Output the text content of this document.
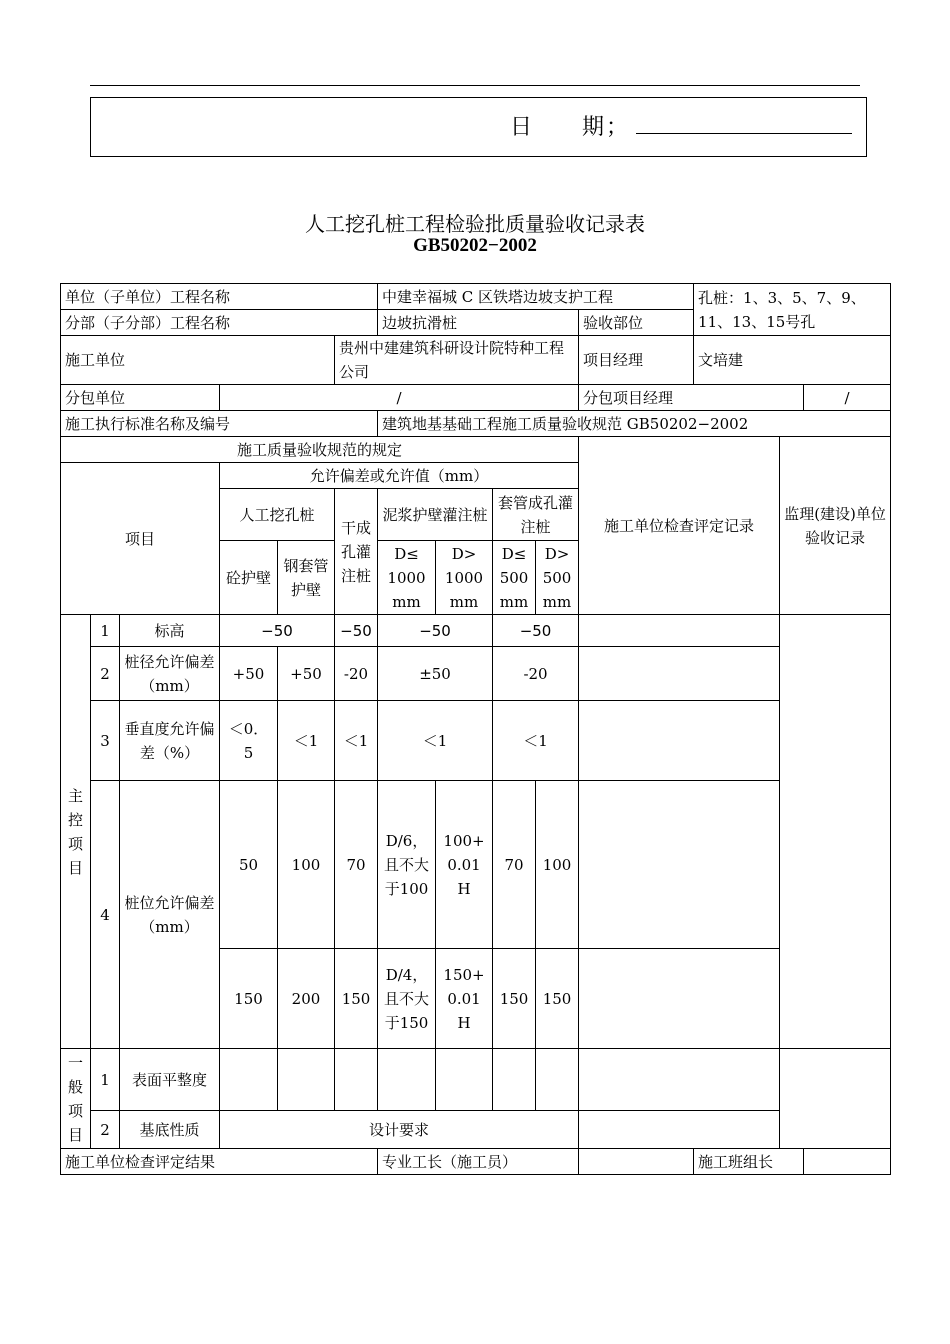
日　　期；
人工挖孔桩工程检验批质量验收记录表
GB50202−2002
单位（子单位）工程名称						中建幸福城 C 区铁塔边坡支护工程					孔桩：1、3、5、7、9、11、13、15号孔		
分部（子分部）工程名称						边坡抗滑桩				验收部位			
施工单位					贵州中建建筑科研设计院特种工程公司					项目经理	文培建		
分包单位			/							分包项目经理			/
施工执行标准名称及编号						建筑地基基础工程施工质量验收规范 GB50202−2002							
施工质量验收规范的规定										施工单位检查评定记录		监理(建设)单位验收记录	
项目			允许偏差或允许值（mm）										
			人工挖孔桩		干成孔灌注桩	泥浆护壁灌注桩		套管成孔灌注桩					

			砼护壁	钢套管护壁		D≤ 1000 mm	D> 1000 mm	D≤ 500 mm	D> 500 mm				
主控项目	1	标高	−50		−50	−50		−50					
	2	桩径允许偏差（mm）	+50	+50	-20	±50		-20					
	3	垂直度允许偏差（%）	＜0．5	＜1	＜1	＜1		＜1					
	4	桩位允许偏差（mm）	50	100	70	D/6，且不大于100	100+ 0.01 H	70	100				
			150	200	150	D/4，且不大于150	150+ 0.01 H	150	150				

一般项目	1	表面平整度											
	2	基底性质	设计要求										
施工单位检查评定结果						专业工长（施工员）					施工班组长		
